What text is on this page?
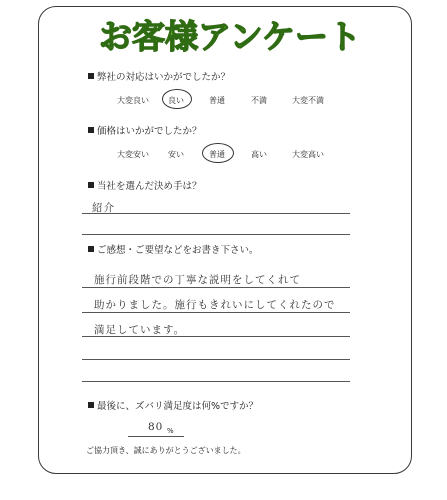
お客様アンケート
弊社の対応はいかがでしたか？
大変良い 良い	普通	不満	大変不満
価格はいかがでしたか？
大変安い 安い	普通	高い	大変高い
当社を選んだ決め手は？
紹介
ご感想・ご要望などをお書き下さい。
施行前段階での丁寧な説明をしてくれて
助かりました。施行もきれいにしてくれたので
満足しています。
最後に、ズバリ満足度は何%ですか？
80 %
ご協力頂き、誠にありがとうございました。
